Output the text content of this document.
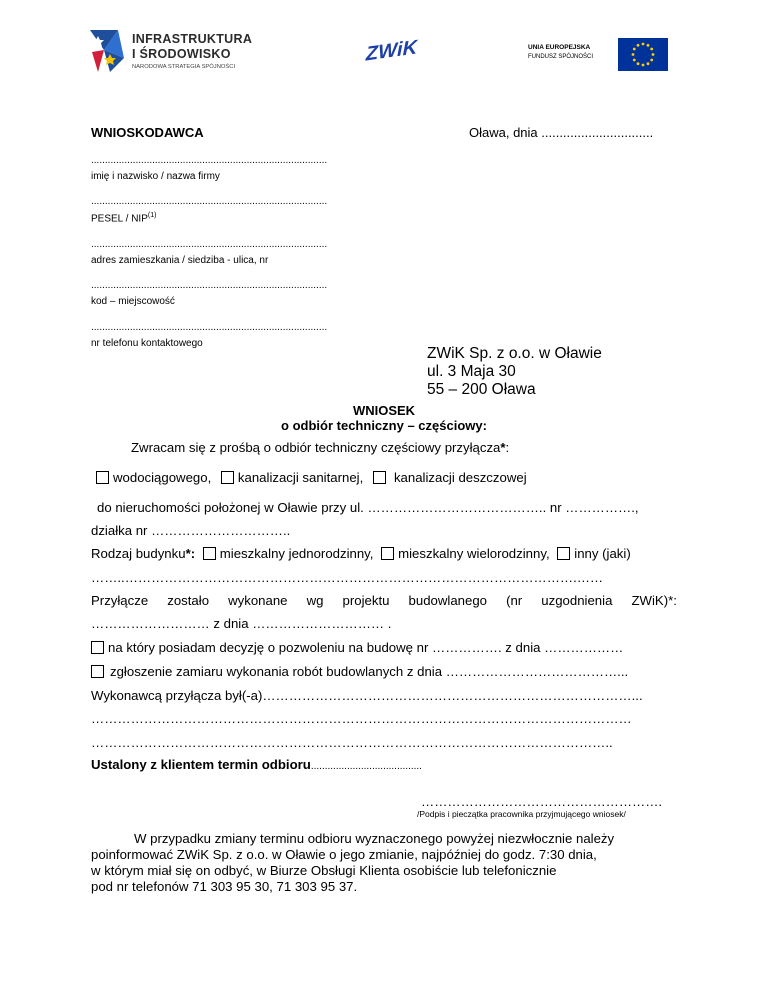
INFRASTRUKTURA
I ŚRODOWISKO
NARODOWA STRATEGIA SPÓJNOŚCI
ZWiK	UNIA EUROPEJSKA
FUNDUSZ SPÓJNOŚCI
WNIOSKODAWCA	Oława, dnia ...............................
.....................................................................................
imię i nazwisko / nazwa firmy
.....................................................................................
PESEL / NIP$^{(1)}$
.....................................................................................
adres zamieszkania / siedziba - ulica, nr
.....................................................................................
kod – miejscowość
.....................................................................................
nr telefonu kontaktowego
ZWiK Sp. z o.o. w Oławie
ul. 3 Maja 30
55 – 200 Oława
WNIOSEK
o odbiór techniczny – częściowy:
Zwracam się z prośbą o odbiór techniczny częściowy przyłącza*:
wodociągowego, kanalizacji sanitarnej, kanalizacji deszczowej
do nieruchomości położonej w Oławie przy ul. ………………………………….. nr …………….,
działka nr …………………………..
Rodzaj budynku*: mieszkalny jednorodzinny, mieszkalny wielorodzinny, inny (jaki)
……..………………………………………………………………………………………….……
Przyłącze zostało wykonane wg projektu budowlanego (nr uzgodnienia ZWiK)*:
……………………… z dnia ………………………… .
na który posiadam decyzję o pozwoleniu na budowę nr ……………. z dnia ………………
zgłoszenie zamiaru wykonania robót budowlanych z dnia …………………………………...
Wykonawcą przyłącza był(-a)…………………………………………………………………………...
……………………………………………………………………………………………………………
………………………………………………………………………………………………………..
Ustalony z klientem termin odbioru........................................
……………………………………………….
/Podpis i pieczątka pracownika przyjmującego wniosek/
W przypadku zmiany terminu odbioru wyznaczonego powyżej niezwłocznie należy
poinformować ZWiK Sp. z o.o. w Oławie o jego zmianie, najpóźniej do godz. 7:30 dnia,
w którym miał się on odbyć, w Biurze Obsługi Klienta osobiście lub telefonicznie
pod nr telefonów 71 303 95 30, 71 303 95 37.
